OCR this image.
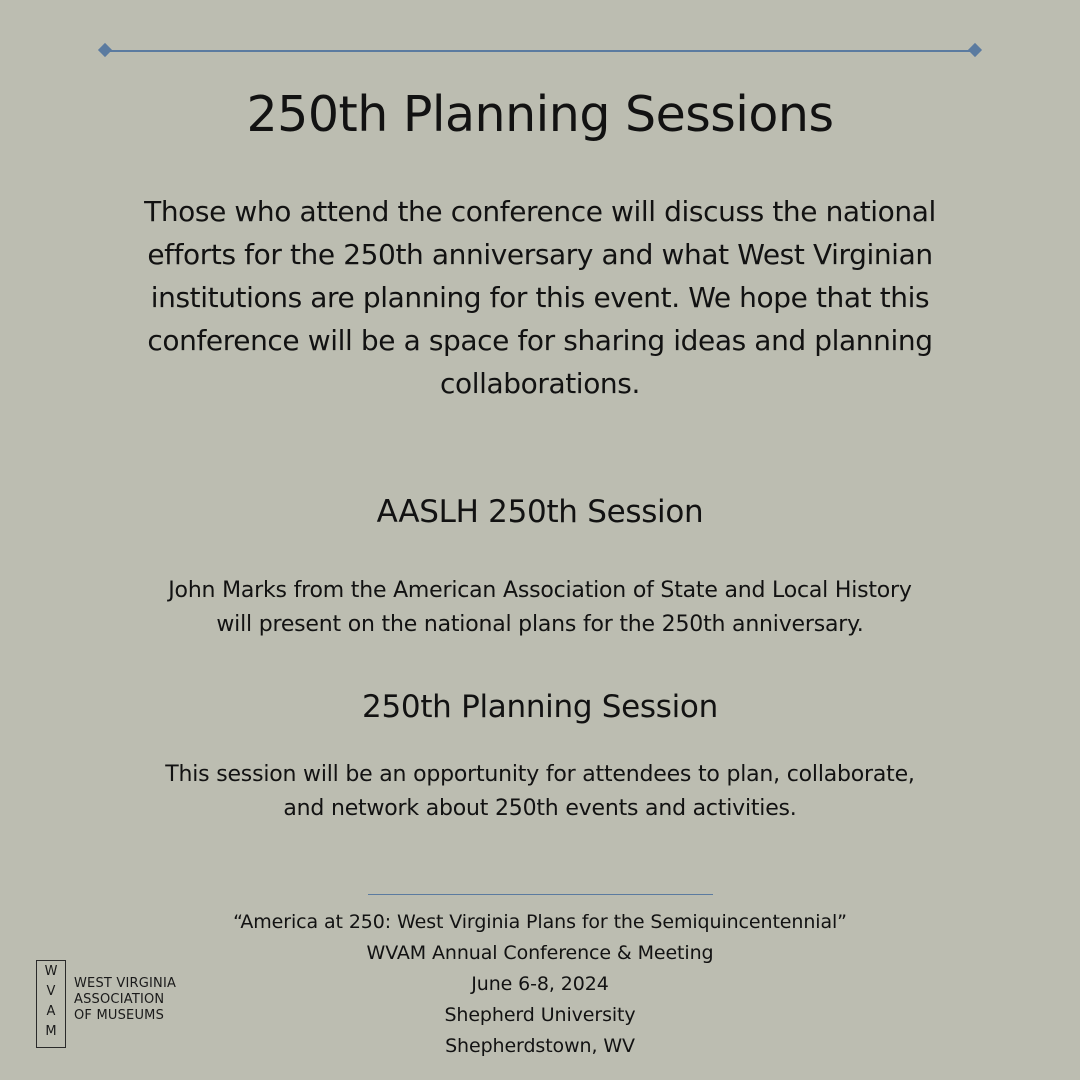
250th Planning Sessions
Those who attend the conference will discuss the national
efforts for the 250th anniversary and what West Virginian
institutions are planning for this event. We hope that this
conference will be a space for sharing ideas and planning
collaborations.
AASLH 250th Session
John Marks from the American Association of State and Local History
will present on the national plans for the 250th anniversary.
250th Planning Session
This session will be an opportunity for attendees to plan, collaborate,
and network about 250th events and activities.
“America at 250: West Virginia Plans for the Semiquincentennial”
WVAM Annual Conference & Meeting
June 6-8, 2024
Shepherd University
Shepherdstown, WV
W
V
A
M
WEST VIRGINIA
ASSOCIATION
OF MUSEUMS
